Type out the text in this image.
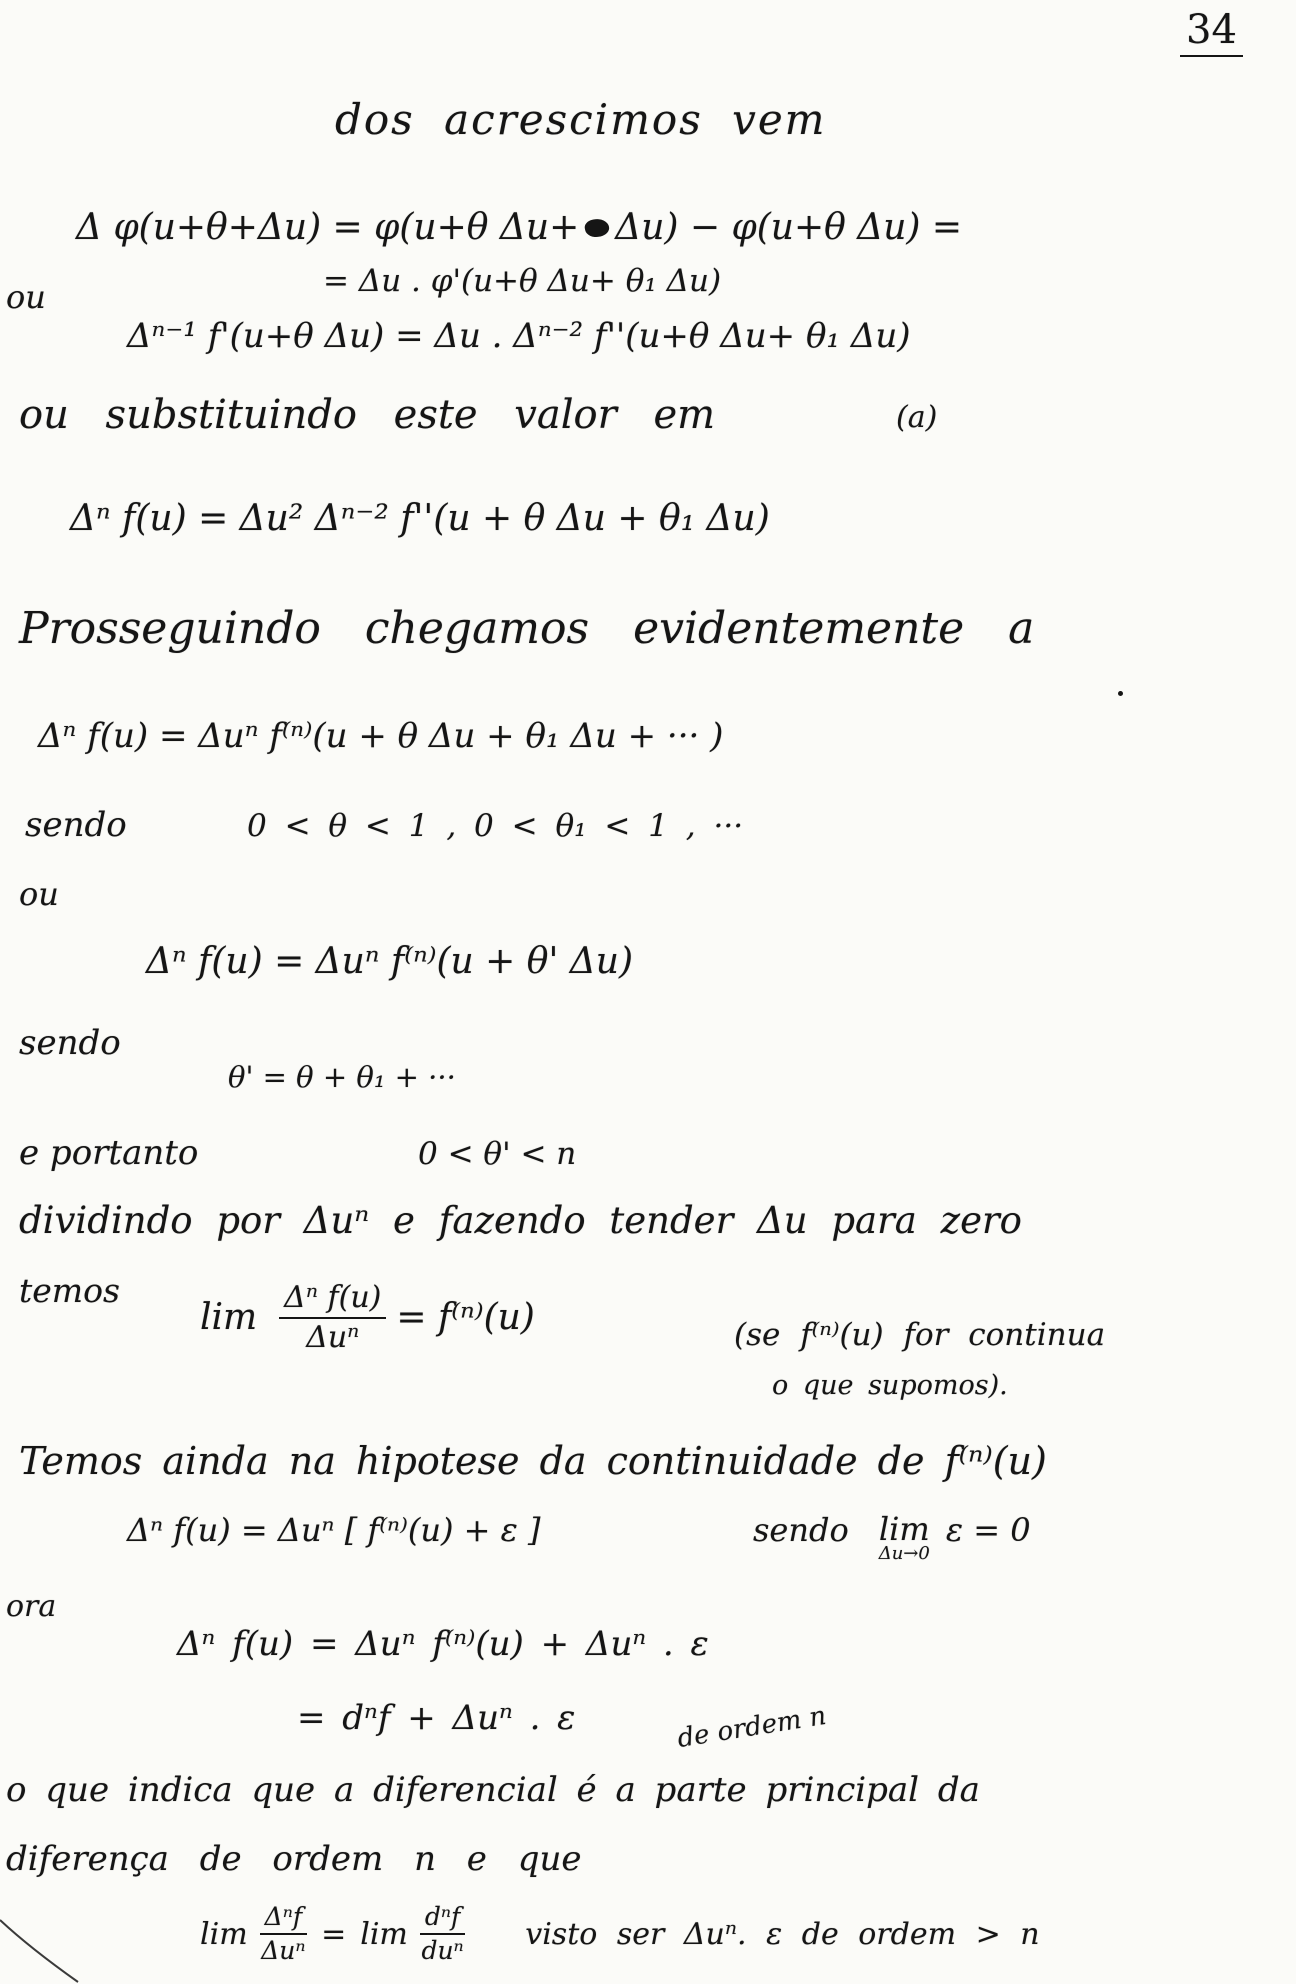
34
dos acrescimos vem
Δ φ(u+θ+Δu) = φ(u+θ Δu+ Δu) − φ(u+θ Δu) =
= Δu . φ'(u+θ Δu+ θ₁ Δu)
ou
Δⁿ⁻¹ f'(u+θ Δu) = Δu . Δⁿ⁻² f''(u+θ Δu+ θ₁ Δu)
ou substituindo este valor em	(a)
Δⁿ f(u) = Δu² Δⁿ⁻² f''(u + θ Δu + θ₁ Δu)
Prosseguindo chegamos evidentemente a
Δⁿ f(u) = Δuⁿ f⁽ⁿ⁾(u + θ Δu + θ₁ Δu + ··· )
sendo	0 < θ < 1 , 0 < θ₁ < 1 , ···
ou
Δⁿ f(u) = Δuⁿ f⁽ⁿ⁾(u + θ' Δu)
sendo
θ' = θ + θ₁ + ···
e portanto	0 < θ' < n
dividindo por Δuⁿ e fazendo tender Δu para zero
temos
$\lim \frac{\text{Δⁿ f(u)}}{\text{Δuⁿ}} = f^{(n)}(u)$	(se f⁽ⁿ⁾(u) for continua
o que supomos).
Temos ainda na hipotese da continuidade de f⁽ⁿ⁾(u)
Δⁿ f(u) = Δuⁿ [ f⁽ⁿ⁾(u) + ε ]	sendo lim
Δu→0
ε = 0
ora
Δⁿ f(u) = Δuⁿ f⁽ⁿ⁾(u) + Δuⁿ . ε
= dⁿf + Δuⁿ . ε	de ordem n
o que indica que a diferencial é a parte principal da
diferença de ordem n e que
$\lim \frac{\text{Δⁿf}}{\text{Δuⁿ}} = \lim \frac{\text{dⁿf}}{\text{duⁿ}}$ visto ser Δuⁿ. ε de ordem > n
